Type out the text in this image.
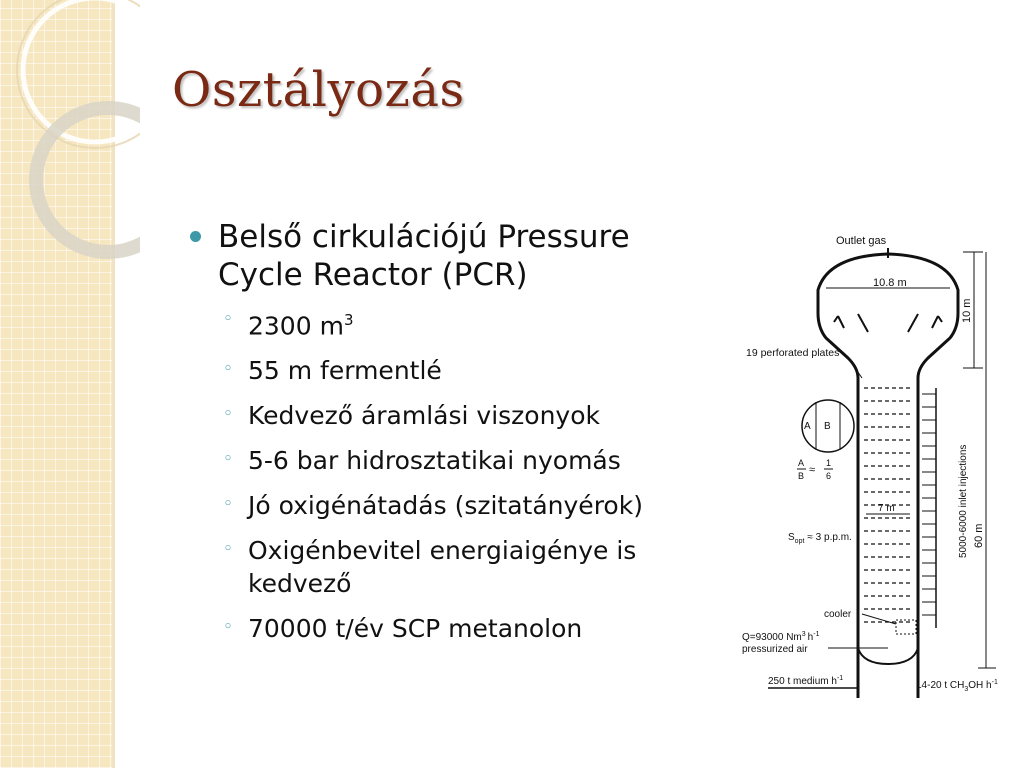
Osztályozás
Belső cirkulációjú Pressure Cycle Reactor (PCR)
◦ 2300 $m^3$
◦ 55 m fermentlé
◦ Kedvező áramlási viszonyok
◦ 5-6 bar hidrosztatikai nyomás
◦ Jó oxigénátadás (szitatányérok)
◦ Oxigénbevitel energiaigénye is kedvező
◦ 70000 t/év SCP metanolon
Outlet gas
10.8 m
10 m
60 m
5000-6000 inlet injections
19 perforated plates
A B
A
B ≈
1
6
7 m
$S_{opt} \approx 3$ p.p.m.
cooler
Q=93000 Nm$^3$ $h^{-1}$
pressurized air
250 t medium $h^{-1}$
14-20 t $CH_3OH$ $h^{-1}$
